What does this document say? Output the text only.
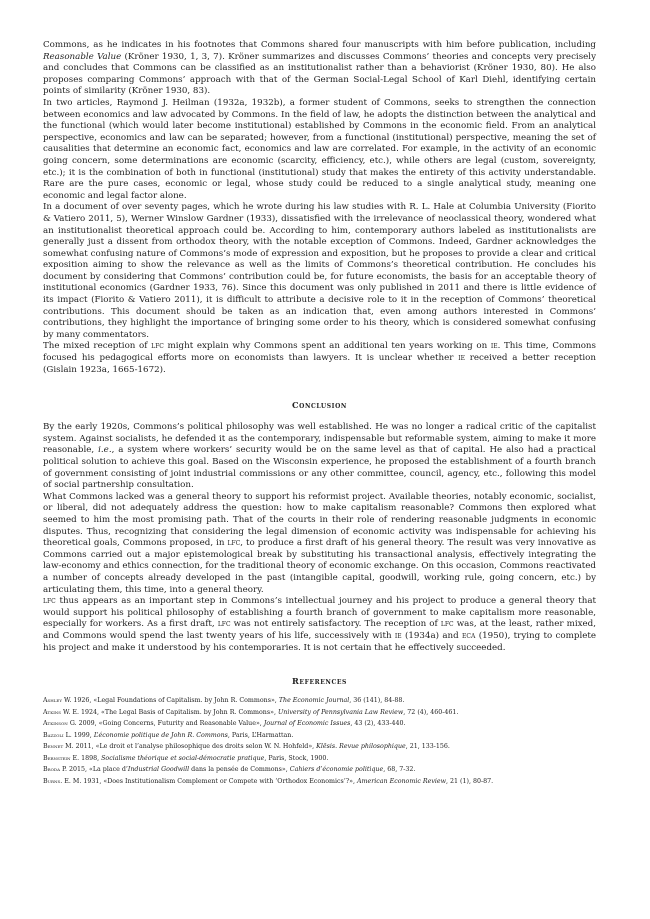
Commons, as he indicates in his footnotes that Commons shared four manuscripts with him before publication, including Reasonable Value (Kröner 1930, 1, 3, 7). Kröner summarizes and discusses Commons’ theories and concepts very precisely and concludes that Commons can be classified as an institutionalist rather than a behaviorist (Kröner 1930, 80). He also proposes comparing Commons’ approach with that of the German Social-Legal School of Karl Diehl, identifying certain points of similarity (Kröner 1930, 83).

In two articles, Raymond J. Heilman (1932a, 1932b), a former student of Commons, seeks to strengthen the connection between economics and law advocated by Commons. In the field of law, he adopts the distinction between the analytical and the functional (which would later become institutional) established by Commons in the economic field. From an analytical perspective, economics and law can be separated; however, from a functional (institutional) perspective, meaning the set of causalities that determine an economic fact, economics and law are correlated. For example, in the activity of an economic going concern, some determinations are economic (scarcity, efficiency, etc.), while others are legal (custom, sovereignty, etc.); it is the combination of both in functional (institutional) study that makes the entirety of this activity understandable. Rare are the pure cases, economic or legal, whose study could be reduced to a single analytical study, meaning one economic and legal factor alone.

In a document of over seventy pages, which he wrote during his law studies with R. L. Hale at Columbia University (Fiorito & Vatiero 2011, 5), Werner Winslow Gardner (1933), dissatisfied with the irrelevance of neoclassical theory, wondered what an institutionalist theoretical approach could be. According to him, contemporary authors labeled as institutionalists are generally just a dissent from orthodox theory, with the notable exception of Commons. Indeed, Gardner acknowledges the somewhat confusing nature of Commons’s mode of expression and exposition, but he proposes to provide a clear and critical exposition aiming to show the relevance as well as the limits of Commons’s theoretical contribution. He concludes his document by considering that Commons’ contribution could be, for future economists, the basis for an acceptable theory of institutional economics (Gardner 1933, 76). Since this document was only published in 2011 and there is little evidence of its impact (Fiorito & Vatiero 2011), it is difficult to attribute a decisive role to it in the reception of Commons’ theoretical contributions. This document should be taken as an indication that, even among authors interested in Commons’ contributions, they highlight the importance of bringing some order to his theory, which is considered somewhat confusing by many commentators.

The mixed reception of lfc might explain why Commons spent an additional ten years working on ie. This time, Commons focused his pedagogical efforts more on economists than lawyers. It is unclear whether ie received a better reception (Gislain 1923a, 1665-1672).

Conclusion

By the early 1920s, Commons’s political philosophy was well established. He was no longer a radical critic of the capitalist system. Against socialists, he defended it as the contemporary, indispensable but reformable system, aiming to make it more reasonable, i.e., a system where workers’ security would be on the same level as that of capital. He also had a practical political solution to achieve this goal. Based on the Wisconsin experience, he proposed the establishment of a fourth branch of government consisting of joint industrial commissions or any other committee, council, agency, etc., following this model of social partnership consultation.

What Commons lacked was a general theory to support his reformist project. Available theories, notably economic, socialist, or liberal, did not adequately address the question: how to make capitalism reasonable? Commons then explored what seemed to him the most promising path. That of the courts in their role of rendering reasonable judgments in economic disputes. Thus, recognizing that considering the legal dimension of economic activity was indispensable for achieving his theoretical goals, Commons proposed, in lfc, to produce a first draft of his general theory. The result was very innovative as Commons carried out a major epistemological break by substituting his transactional analysis, effectively integrating the law-economy and ethics connection, for the traditional theory of economic exchange. On this occasion, Commons reactivated a number of concepts already developed in the past (intangible capital, goodwill, working rule, going concern, etc.) by articulating them, this time, into a general theory.

lfc thus appears as an important step in Commons’s intellectual journey and his project to produce a general theory that would support his political philosophy of establishing a fourth branch of government to make capitalism more reasonable, especially for workers. As a first draft, lfc was not entirely satisfactory. The reception of lfc was, at the least, rather mixed, and Commons would spend the last twenty years of his life, successively with ie (1934a) and eca (1950), trying to complete his project and make it understood by his contemporaries. It is not certain that he effectively succeeded.

References

Ashley W. 1926, «Legal Foundations of Capitalism. by John R. Commons», The Economic Journal, 36 (141), 84-88.

Atkins W. E. 1924, «The Legal Basis of Capitalism. by John R. Commons», University of Pennsylvania Law Review, 72 (4), 460-461.

Atkinson G. 2009, «Going Concerns, Futurity and Reasonable Value», Journal of Economic Issues, 43 (2), 433-440.

Bazzoli L. 1999, L’économie politique de John R. Commons, Paris, L’Harmattan.

Bennet M. 2011, «Le droit et l’analyse philosophique des droits selon W. N. Hohfeld», Klēsis. Revue philosophique, 21, 133-156.

Bernstein E. 1898, Socialisme théorique et social-démocratie pratique, Paris, Stock, 1900.

Broda P. 2015, «La place d’Industrial Goodwill dans la pensée de Commons», Cahiers d’économie politique, 68, 7-32.

Burns. E. M. 1931, «Does Institutionalism Complement or Compete with ‘Orthodox Economics’?», American Economic Review, 21 (1), 80-87.
